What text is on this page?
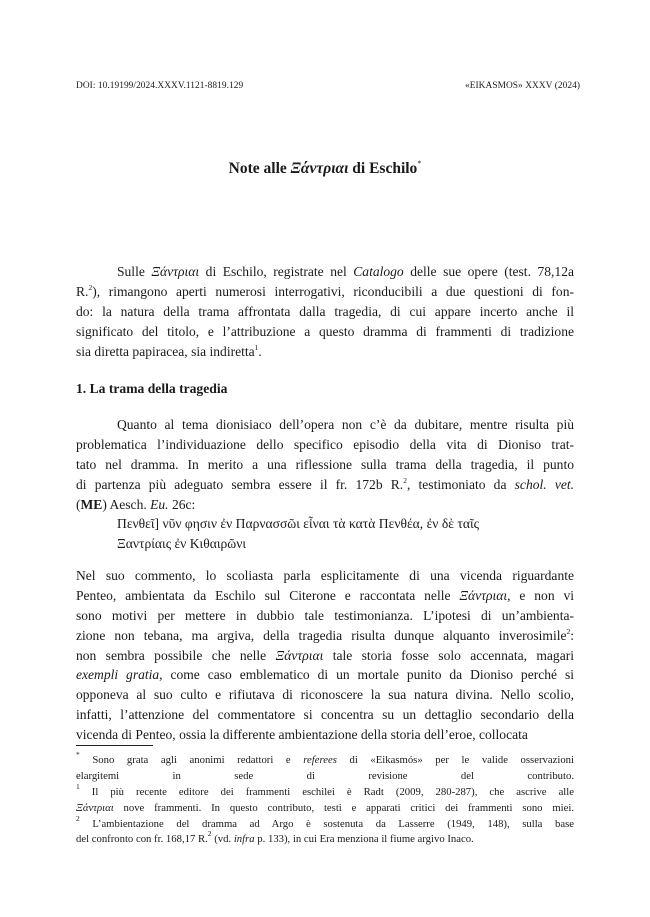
DOI: 10.19199/2024.XXXV.1121-8819.129	«EIKASMOS» XXXV (2024)
Note alle Ξάντριαι di Eschilo*
Sulle Ξάντριαι di Eschilo, registrate nel Catalogo delle sue opere (test. 78,12a
R.$^2$), rimangono aperti numerosi interrogativi, riconducibili a due questioni di fon-
do: la natura della trama affrontata dalla tragedia, di cui appare incerto anche il
significato del titolo, e l’attribuzione a questo dramma di frammenti di tradizione
sia diretta papiracea, sia indiretta$^1$.
1. La trama della tragedia
Quanto al tema dionisiaco dell’opera non c’è da dubitare, mentre risulta più
problematica l’individuazione dello specifico episodio della vita di Dioniso trat-
tato nel dramma. In merito a una riflessione sulla trama della tragedia, il punto
di partenza più adeguato sembra essere il fr. 172b R.$^2$, testimoniato da schol. vet.
(ME) Aesch. Eu. 26c:
Πενθεῖ] νῦν φησιν ἐν Παρνασσῶι εἶναι τὰ κατὰ Πενθέα, ἐν δὲ ταῖς
Ξαντρίαις ἐν Κιθαιρῶνι
Nel suo commento, lo scoliasta parla esplicitamente di una vicenda riguardante
Penteo, ambientata da Eschilo sul Citerone e raccontata nelle Ξάντριαι, e non vi
sono motivi per mettere in dubbio tale testimonianza. L’ipotesi di un’ambienta-
zione non tebana, ma argiva, della tragedia risulta dunque alquanto inverosimile$^2$:
non sembra possibile che nelle Ξάντριαι tale storia fosse solo accennata, magari
exempli gratia, come caso emblematico di un mortale punito da Dioniso perché si
opponeva al suo culto e rifiutava di riconoscere la sua natura divina. Nello scolio,
infatti, l’attenzione del commentatore si concentra su un dettaglio secondario della
vicenda di Penteo, ossia la differente ambientazione della storia dell’eroe, collocata
* Sono grata agli anonimi redattori e referees di «Eikasmós» per le valide osservazioni
elargitemi in sede di revisione del contributo.
$^1$ Il più recente editore dei frammenti eschilei è Radt (2009, 280-287), che ascrive alle
Ξάντριαι nove frammenti. In questo contributo, testi e apparati critici dei frammenti sono miei.
$^2$ L’ambientazione del dramma ad Argo è sostenuta da Lasserre (1949, 148), sulla base
del confronto con fr. 168,17 R.$^2$ (vd. infra p. 133), in cui Era menziona il fiume argivo Inaco.
